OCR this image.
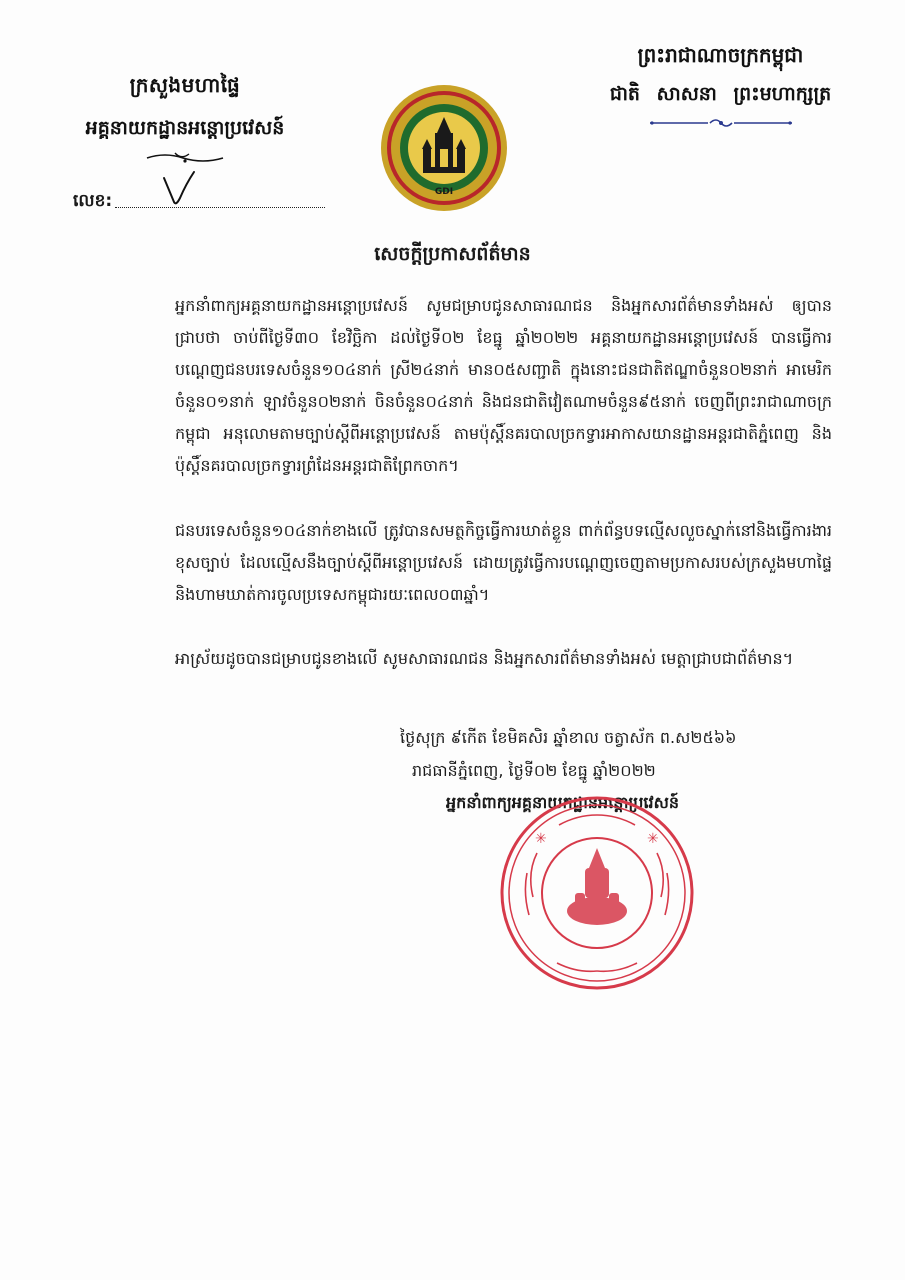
ក្រសួងមហាផ្ទៃ
អគ្គនាយកដ្ឋានអន្តោប្រវេសន៍
លេខ:	GDI
ព្រះរាជាណាចក្រកម្ពុជា
ជាតិ សាសនា ព្រះមហាក្សត្រ
សេចក្តីប្រកាសព័ត៌មាន
អ្នកនាំពាក្យអគ្គនាយកដ្ឋានអន្តោប្រវេសន៍ សូមជម្រាបជូនសាធារណជន និងអ្នកសារព័ត៌មានទាំងអស់ ឲ្យបានជ្រាបថា ចាប់ពីថ្ងៃទី៣០ ខែវិច្ឆិកា ដល់ថ្ងៃទី០២ ខែធ្នូ ឆ្នាំ២០២២ អគ្គនាយកដ្ឋានអន្តោប្រវេសន៍ បានធ្វើការបណ្តេញជនបរទេសចំនួន១០៤នាក់ ស្រី២៤នាក់ មាន០៥សញ្ជាតិ ក្នុងនោះជនជាតិឥណ្ឌាចំនួន០២នាក់ អាមេរិកចំនួន០១នាក់ ឡាវចំនួន០២នាក់ ចិនចំនួន០៤នាក់ និងជនជាតិវៀតណាមចំនួន៩៥នាក់ ចេញពីព្រះរាជាណាចក្រកម្ពុជា អនុលោមតាមច្បាប់ស្តីពីអន្តោប្រវេសន៍ តាមប៉ុស្តិ៍នគរបាលច្រកទ្វារអាកាសយានដ្ឋានអន្តរជាតិភ្នំពេញ និងប៉ុស្តិ៍នគរបាលច្រកទ្វារព្រំដែនអន្តរជាតិព្រែកចាក។
ជនបរទេសចំនួន១០៤នាក់ខាងលើ ត្រូវបានសមត្ថកិច្ចធ្វើការឃាត់ខ្លួន ពាក់ព័ន្ធបទល្មើសលួចស្នាក់នៅនិងធ្វើការងារខុសច្បាប់ ដែលល្មើសនឹងច្បាប់ស្តីពីអន្តោប្រវេសន៍ ដោយត្រូវធ្វើការបណ្តេញចេញតាមប្រកាសរបស់ក្រសួងមហាផ្ទៃ និងហាមឃាត់ការចូលប្រទេសកម្ពុជារយៈពេល០៣ឆ្នាំ។
អាស្រ័យដូចបានជម្រាបជូនខាងលើ សូមសាធារណជន និងអ្នកសារព័ត៌មានទាំងអស់ មេត្តាជ្រាបជាព័ត៌មាន។
ថ្ងៃសុក្រ ៩កើត ខែមិគសិរ ឆ្នាំខាល ចត្វាស័ក ព.ស២៥៦៦
រាជធានីភ្នំពេញ, ថ្ងៃទី០២ ខែធ្នូ ឆ្នាំ២០២២
អ្នកនាំពាក្យអគ្គនាយកដ្ឋានអន្តោប្រវេសន៍
✳	✳
